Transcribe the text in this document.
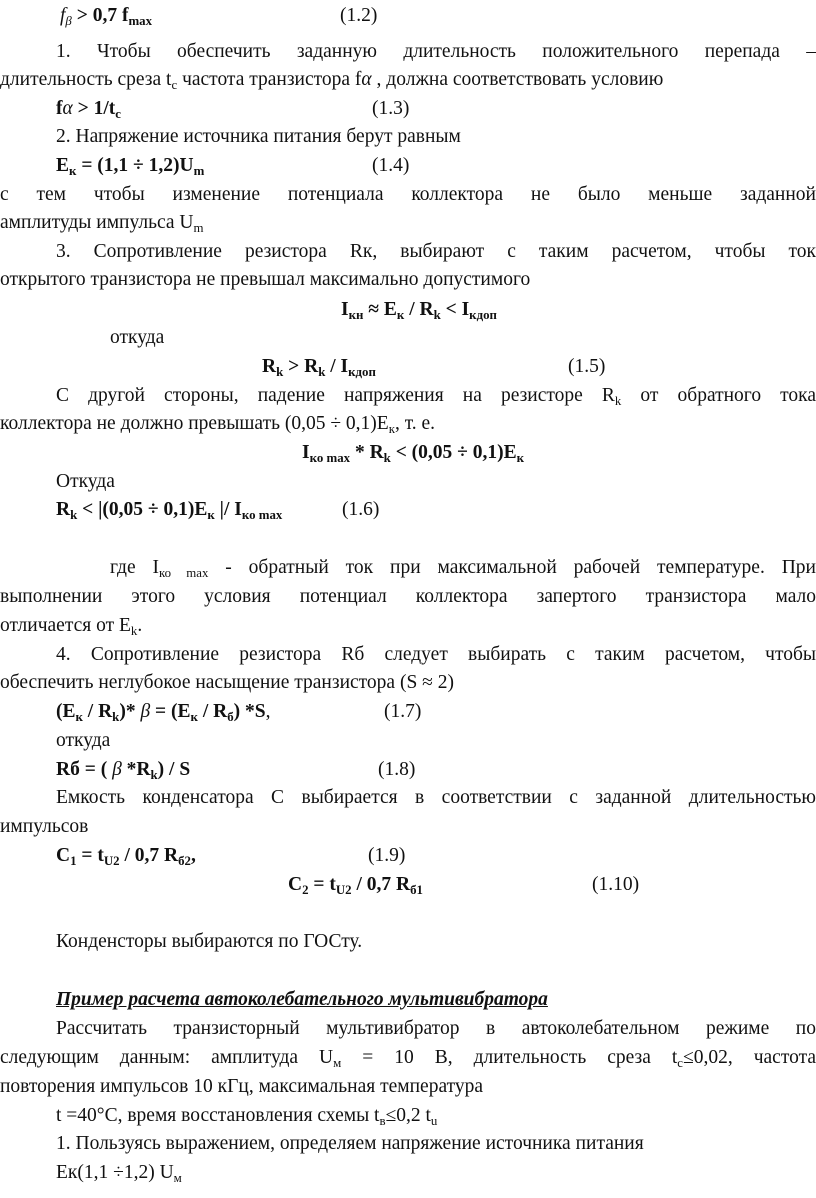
$f_\beta > 0,7$ $f_{max}$	(1.2)
1. Чтобы обеспечить заданную длительность положительного перепада –
длительность среза $t_c$ частота транзистора fα , должна соответствовать условию
$f\alpha > 1/t_c$	(1.3)
2. Напряжение источника питания берут равным
$E_к = (1,1 \div 1,2)U_m$	(1.4)
с тем чтобы изменение потенциала коллектора не было меньше заданной
амплитуды импульса $U_m$
3. Сопротивление резистора Rк, выбирают с таким расчетом, чтобы ток
открытого транзистора не превышал максимально допустимого
$I_{кн} \approx E_к / R_k < I_{кдоп}$
откуда
$R_k > R_k / I_{кдоп}$	(1.5)
С другой стороны, падение напряжения на резисторе $R_k$ от обратного тока
коллектора не должно превышать $(0,05 \div 0,1)E_к$, т. е.
$I_{ко max} * R_k < (0,05 \div 0,1)E_к$
Откуда
$R_k < |(0,05 \div 0,1)E_к$ |/ $I_{ко max}$	(1.6)
где $I_{ко max}$ - обратный ток при максимальной рабочей температуре. При
выполнении этого условия потенциал коллектора запертого транзистора мало
отличается от $E_k$.
4. Сопротивление резистора Rб следует выбирать с таким расчетом, чтобы
обеспечить неглубокое насыщение транзистора (S ≈ 2)
$(E_к / R_k)*$ $\beta = (E_к / R_б)$ *S,	(1.7)
откуда
Rб = ( β $*R_k$) / S	(1.8)
Емкость конденсатора C выбирается в соответствии с заданной длительностью
импульсов
$C_1 = t_{U2} / 0,7$ $R_{б2}$,	(1.9)
$C_2 = t_{U2} / 0,7$ $R_{б1}$	(1.10)
Конденсторы выбираются по ГОСту.
Пример расчета автоколебательного мультивибратора
Рассчитать транзисторный мультивибратор в автоколебательном режиме по
следующим данным: амплитуда $U_м = 10$ В, длительность среза $t_c\le 0,02$, частота
повторения импульсов 10 кГц, максимальная температура
t =40°C, время восстановления схемы $t_в\le 0,2$ $t_u$
1. Пользуясь выражением, определяем напряжение источника питания
Eк(1,1 ÷1,2) $U_м$
